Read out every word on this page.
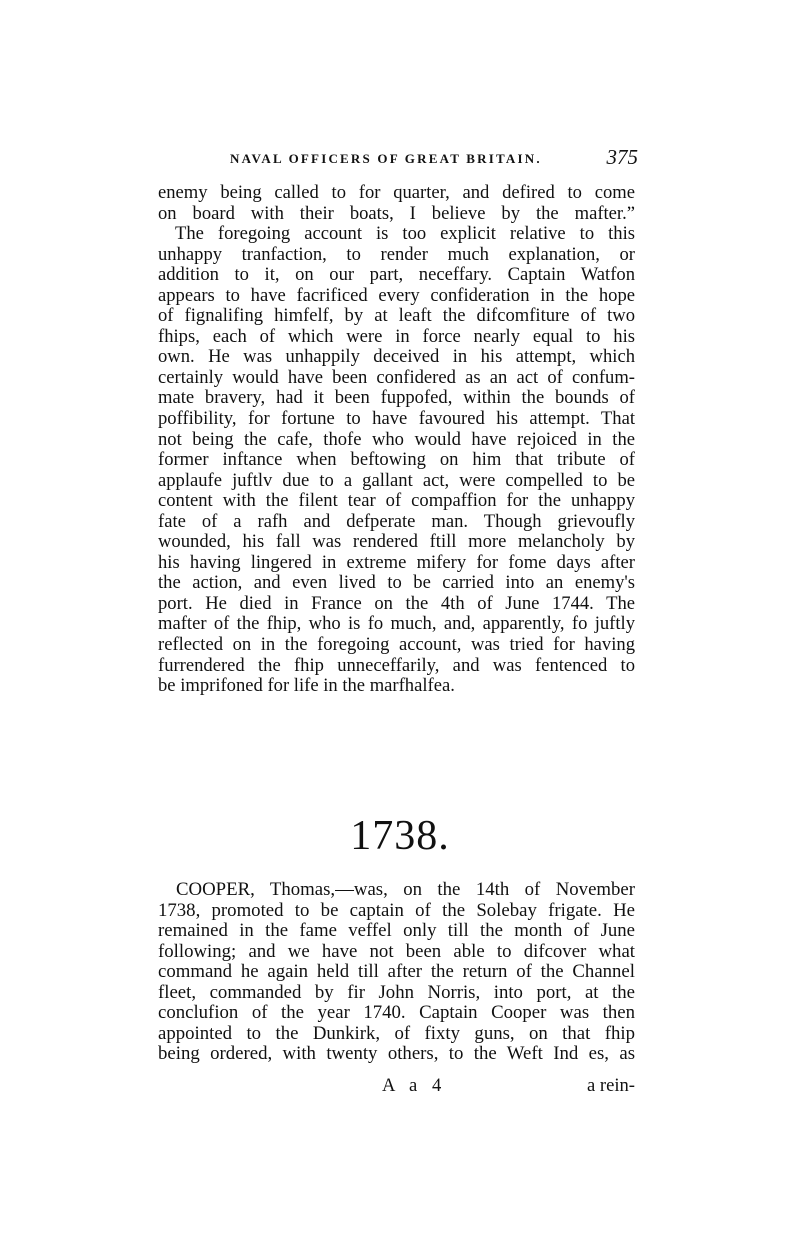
NAVAL OFFICERS OF GREAT BRITAIN.	375
enemy being called to for quarter, and defired to come
on board with their boats, I believe by the mafter.”
The foregoing account is too explicit relative to this
unhappy tranfaction, to render much explanation, or
addition to it, on our part, neceffary. Captain Watfon
appears to have facrificed every confideration in the hope
of fignalifing himfelf, by at leaft the difcomfiture of two
fhips, each of which were in force nearly equal to his
own. He was unhappily deceived in his attempt, which
certainly would have been confidered as an act of confum-
mate bravery, had it been fuppofed, within the bounds of
poffibility, for fortune to have favoured his attempt. That
not being the cafe, thofe who would have rejoiced in the
former inftance when beftowing on him that tribute of
applaufe juftlv due to a gallant act, were compelled to be
content with the filent tear of compaffion for the unhappy
fate of a rafh and defperate man. Though grievoufly
wounded, his fall was rendered ftill more melancholy by
his having lingered in extreme mifery for fome days after
the action, and even lived to be carried into an enemy's
port. He died in France on the 4th of June 1744. The
mafter of the fhip, who is fo much, and, apparently, fo juftly
reflected on in the foregoing account, was tried for having
furrendered the fhip unneceffarily, and was fentenced to
be imprifoned for life in the marfhalfea.
1738.
COOPER, Thomas,—was, on the 14th of November
1738, promoted to be captain of the Solebay frigate. He
remained in the fame veffel only till the month of June
following; and we have not been able to difcover what
command he again held till after the return of the Channel
fleet, commanded by fir John Norris, into port, at the
conclufion of the year 1740. Captain Cooper was then
appointed to the Dunkirk, of fixty guns, on that fhip
being ordered, with twenty others, to the Weft Ind es, as
A a 4	a rein-
